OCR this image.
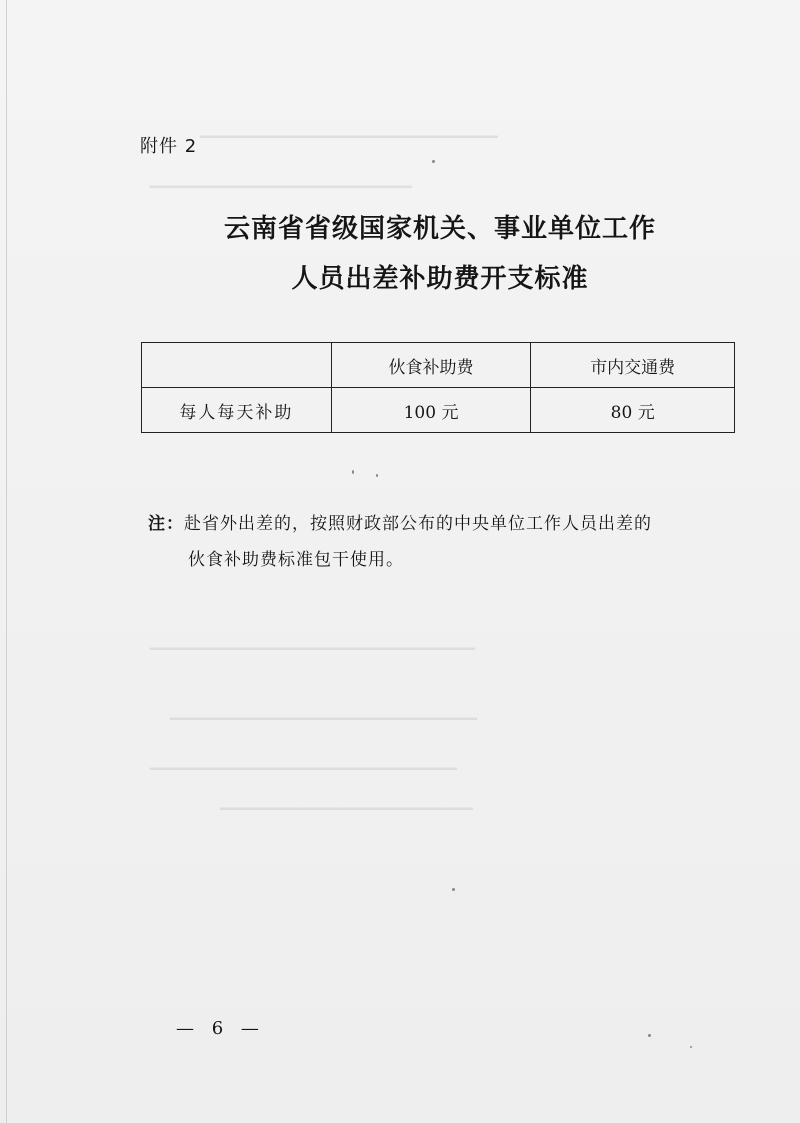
━━━━━━━━━━━━━━━━━━━━━━━━━━━━━━━━━
━━━━━━━━━━━━━━━━━━━━━━━━━━━━━
━━━━━━━━━━━━━━━━━━━━━━━━━━━━━━━━━━━━
━━━━━━━━━━━━━━━━━━━━━━━━━━━━━━━━━━
━━━━━━━━━━━━━━━━━━━━━━━━━━━━━━━━━━
━━━━━━━━━━━━━━━━━━━━━━━━━━━━
附件 2
云南省省级国家机关、事业单位工作
人员出差补助费开支标准
	伙食补助费	市内交通费
每人每天补助	100 元	80 元
注：赴省外出差的，按照财政部公布的中央单位工作人员出差的
伙食补助费标准包干使用。
— 6 —
